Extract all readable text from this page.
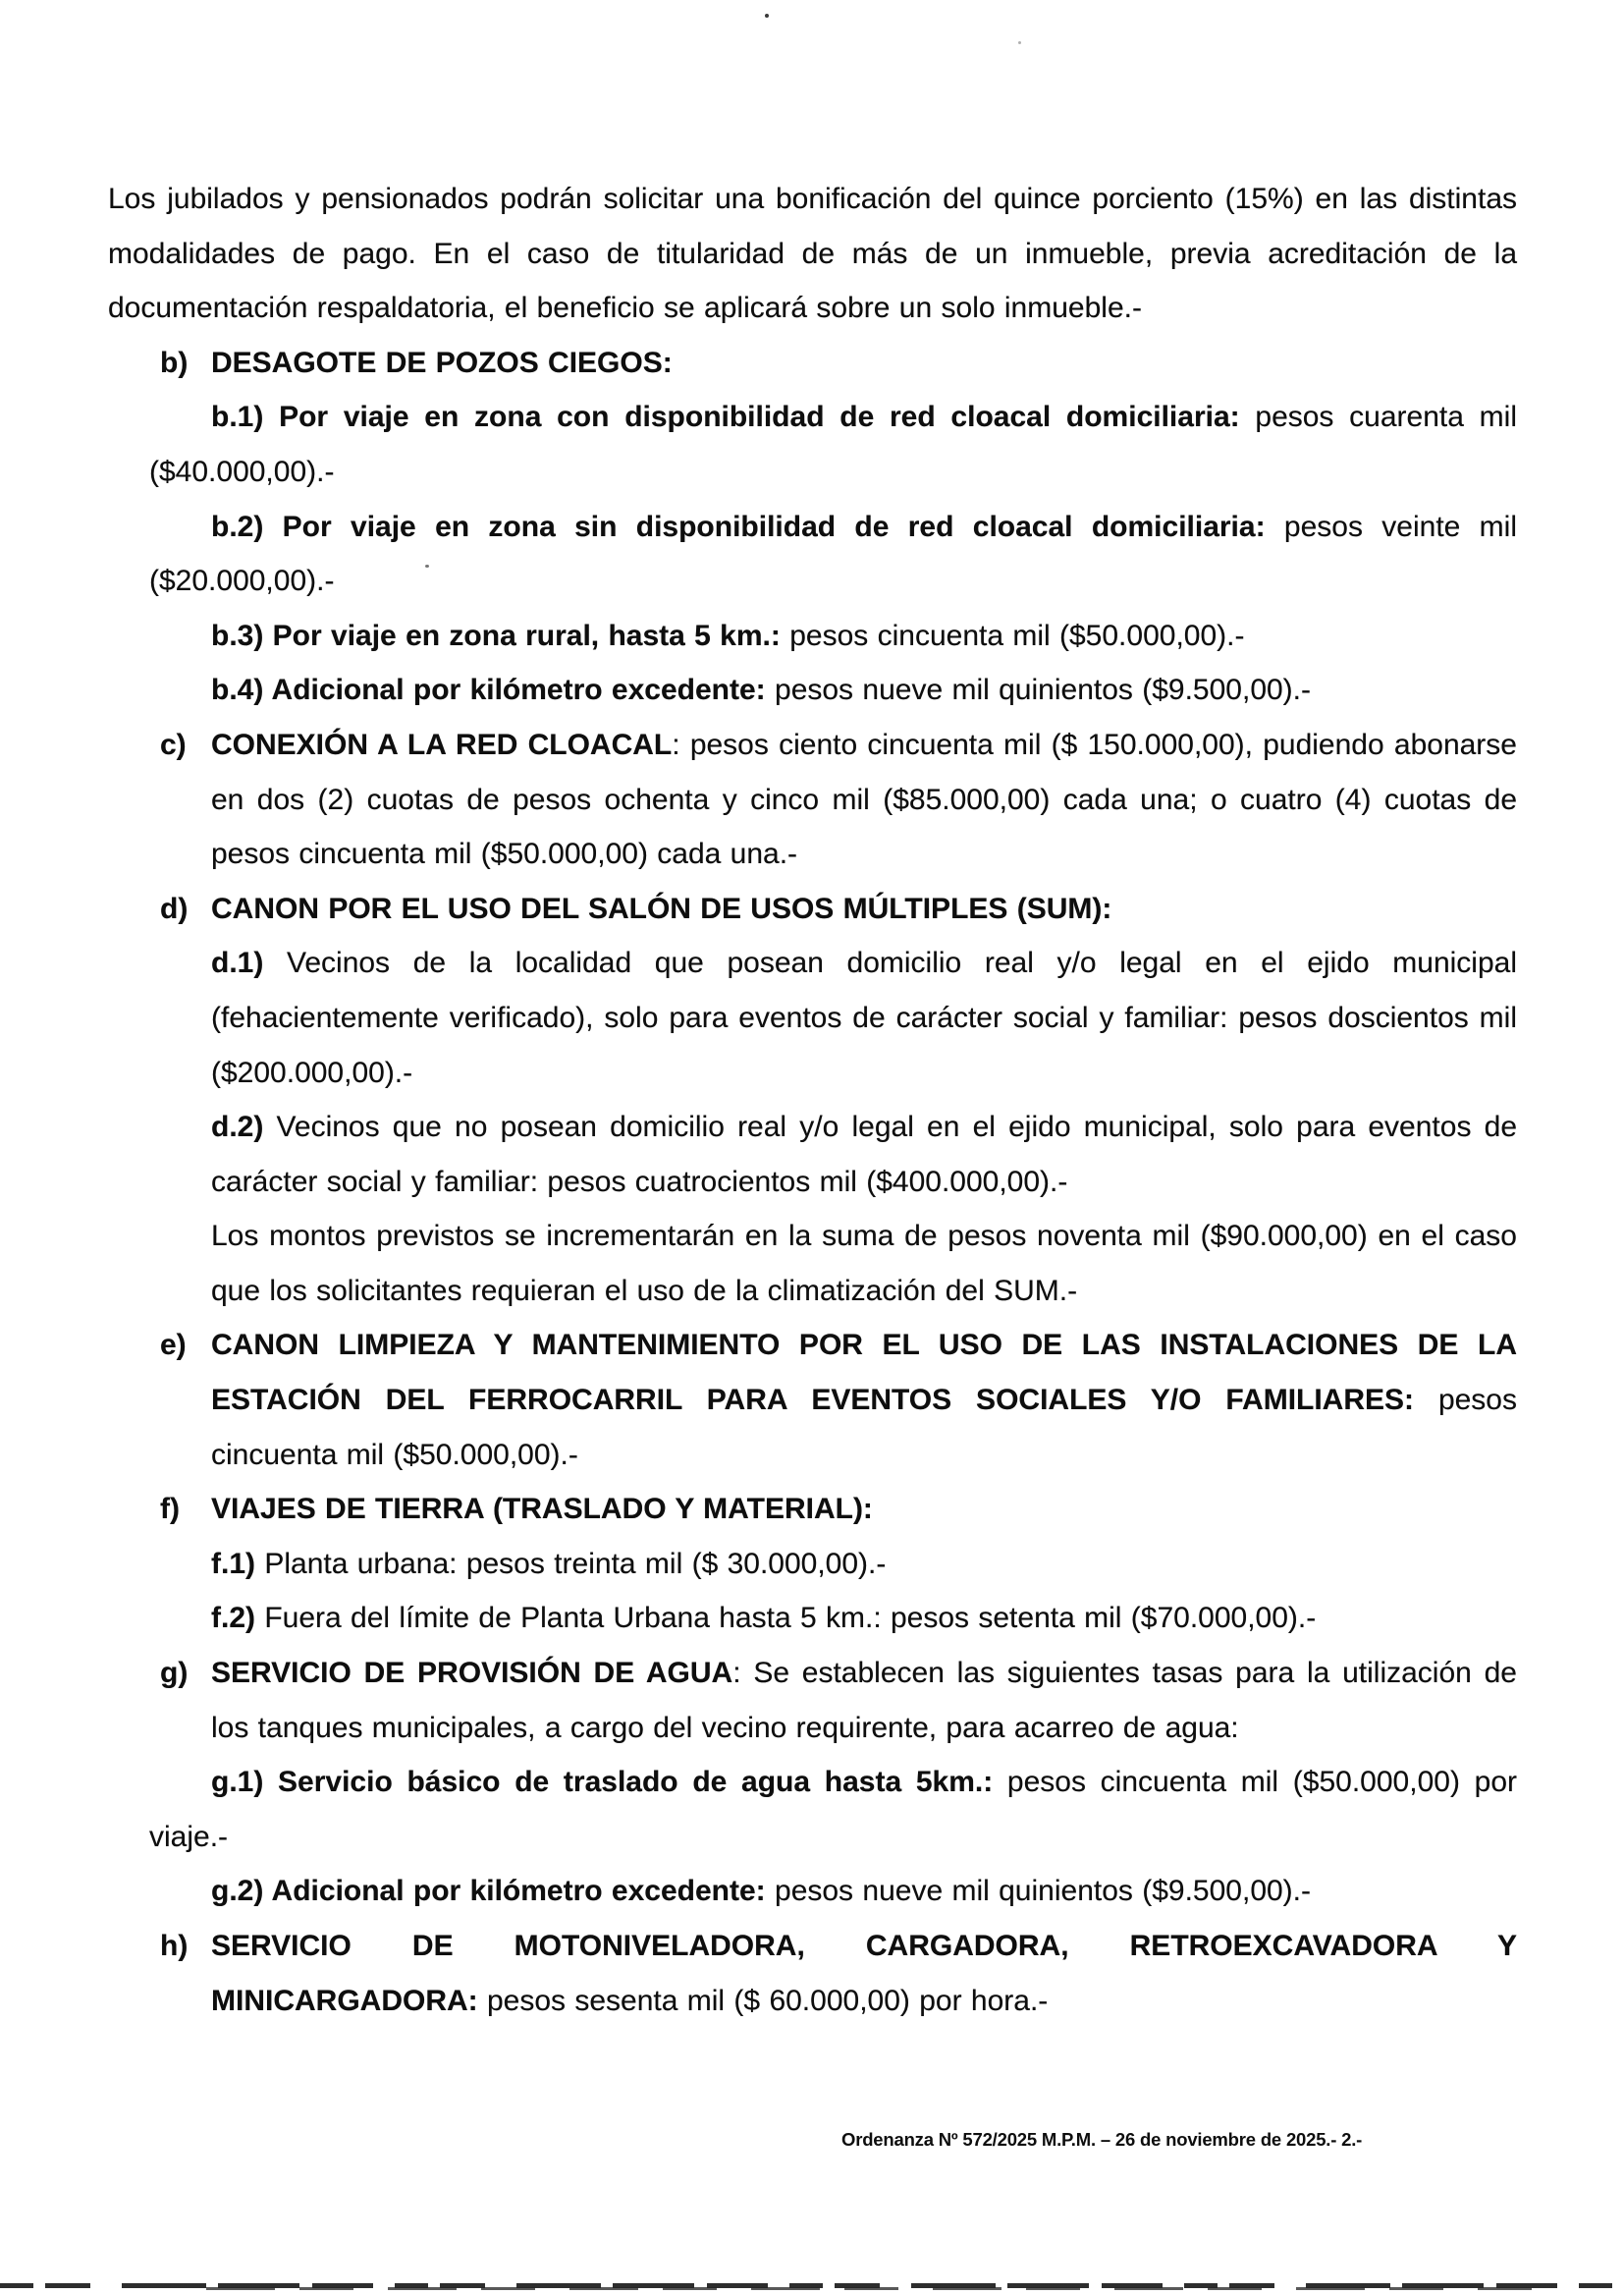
Los jubilados y pensionados podrán solicitar una bonificación del quince porciento (15%) en las distintas modalidades de pago. En el caso de titularidad de más de un inmueble, previa acreditación de la documentación respaldatoria, el beneficio se aplicará sobre un solo inmueble.-

b) DESAGOTE DE POZOS CIEGOS:

b.1) Por viaje en zona con disponibilidad de red cloacal domiciliaria: pesos cuarenta mil ($40.000,00).-

b.2) Por viaje en zona sin disponibilidad de red cloacal domiciliaria: pesos veinte mil ($20.000,00).-

b.3) Por viaje en zona rural, hasta 5 km.: pesos cincuenta mil ($50.000,00).-

b.4) Adicional por kilómetro excedente: pesos nueve mil quinientos ($9.500,00).-

c) CONEXIÓN A LA RED CLOACAL: pesos ciento cincuenta mil ($ 150.000,00), pudiendo abonarse en dos (2) cuotas de pesos ochenta y cinco mil ($85.000,00) cada una; o cuatro (4) cuotas de pesos cincuenta mil ($50.000,00) cada una.-

d) CANON POR EL USO DEL SALÓN DE USOS MÚLTIPLES (SUM):

d.1) Vecinos de la localidad que posean domicilio real y/o legal en el ejido municipal (fehacientemente verificado), solo para eventos de carácter social y familiar: pesos doscientos mil ($200.000,00).-

d.2) Vecinos que no posean domicilio real y/o legal en el ejido municipal, solo para eventos de carácter social y familiar: pesos cuatrocientos mil ($400.000,00).-

Los montos previstos se incrementarán en la suma de pesos noventa mil ($90.000,00) en el caso que los solicitantes requieran el uso de la climatización del SUM.-

e) CANON LIMPIEZA Y MANTENIMIENTO POR EL USO DE LAS INSTALACIONES DE LA ESTACIÓN DEL FERROCARRIL PARA EVENTOS SOCIALES Y/O FAMILIARES: pesos cincuenta mil ($50.000,00).-

f) VIAJES DE TIERRA (TRASLADO Y MATERIAL):

f.1) Planta urbana: pesos treinta mil ($ 30.000,00).-

f.2) Fuera del límite de Planta Urbana hasta 5 km.: pesos setenta mil ($70.000,00).-

g) SERVICIO DE PROVISIÓN DE AGUA: Se establecen las siguientes tasas para la utilización de los tanques municipales, a cargo del vecino requirente, para acarreo de agua:

g.1) Servicio básico de traslado de agua hasta 5km.: pesos cincuenta mil ($50.000,00) por viaje.-

g.2) Adicional por kilómetro excedente: pesos nueve mil quinientos ($9.500,00).-

h) SERVICIO DE MOTONIVELADORA, CARGADORA, RETROEXCAVADORA Y MINICARGADORA: pesos sesenta mil ($ 60.000,00) por hora.-

Ordenanza Nº 572/2025 M.P.M. – 26 de noviembre de 2025.- 2.-
